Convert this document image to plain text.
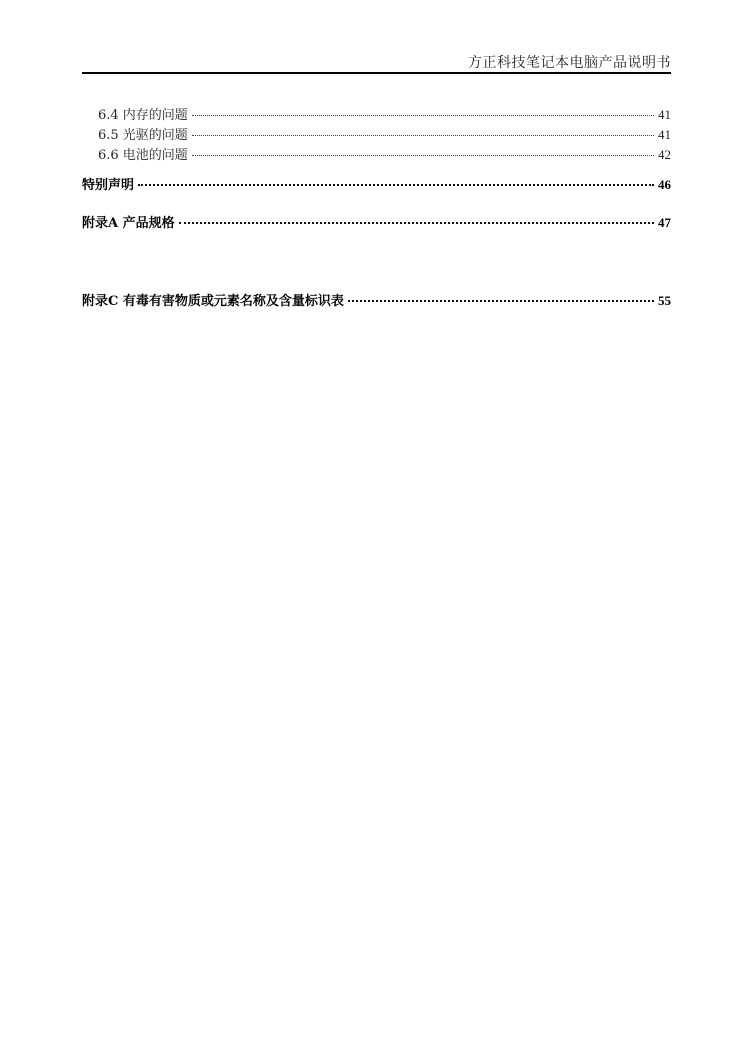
方正科技笔记本电脑产品说明书
6.4 内存的问题	41
6.5 光驱的问题	41
6.6 电池的问题	42
特别声明	46
附录A 产品规格	47
附录C 有毒有害物质或元素名称及含量标识表	55
